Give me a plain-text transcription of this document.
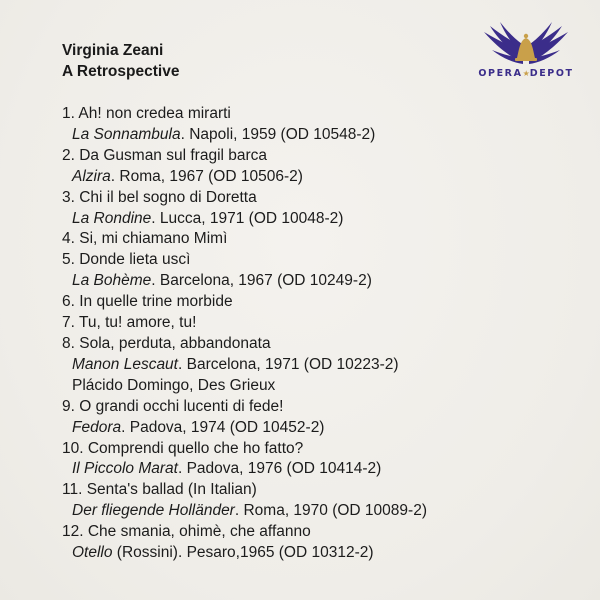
Virginia Zeani
A Retrospective	OPERA★DEPOT
1. Ah! non credea mirarti
La Sonnambula. Napoli, 1959 (OD 10548-2)
2. Da Gusman sul fragil barca
Alzira. Roma, 1967 (OD 10506-2)
3. Chi il bel sogno di Doretta
La Rondine. Lucca, 1971 (OD 10048-2)
4. Si, mi chiamano Mimì
5. Donde lieta uscì
La Bohème. Barcelona, 1967 (OD 10249-2)
6. In quelle trine morbide
7. Tu, tu! amore, tu!
8. Sola, perduta, abbandonata
Manon Lescaut. Barcelona, 1971 (OD 10223-2)
Plácido Domingo, Des Grieux
9. O grandi occhi lucenti di fede!
Fedora. Padova, 1974 (OD 10452-2)
10. Comprendi quello che ho fatto?
Il Piccolo Marat. Padova, 1976 (OD 10414-2)
11. Senta's ballad (In Italian)
Der fliegende Holländer. Roma, 1970 (OD 10089-2)
12. Che smania, ohimè, che affanno
Otello (Rossini). Pesaro,1965 (OD 10312-2)
